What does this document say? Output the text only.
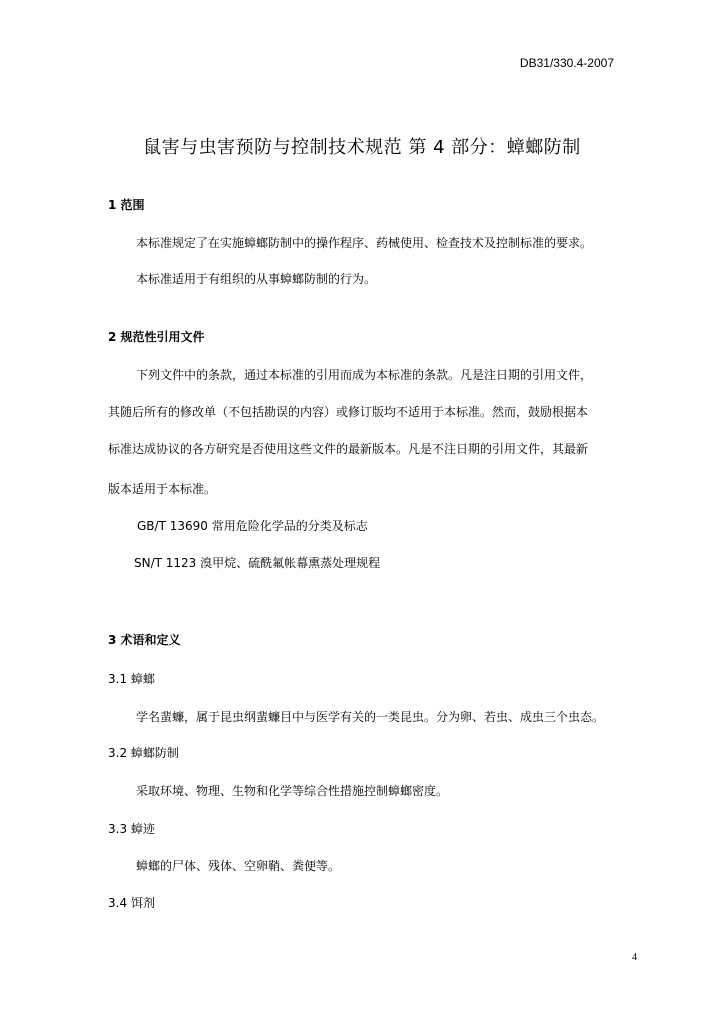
DB31/330.4-2007
鼠害与虫害预防与控制技术规范 第 4 部分：蟑螂防制
1 范围
本标准规定了在实施蟑螂防制中的操作程序、药械使用、检查技术及控制标准的要求。
本标准适用于有组织的从事蟑螂防制的行为。
2 规范性引用文件
下列文件中的条款，通过本标准的引用而成为本标准的条款。凡是注日期的引用文件，
其随后所有的修改单（不包括勘误的内容）或修订版均不适用于本标准。然而，鼓励根据本
标准达成协议的各方研究是否使用这些文件的最新版本。凡是不注日期的引用文件，其最新
版本适用于本标准。
GB/T 13690 常用危险化学品的分类及标志
SN/T 1123 溴甲烷、硫酰氟帐幕熏蒸处理规程
3 术语和定义
3.1 蟑螂
学名蜚蠊，属于昆虫纲蜚蠊目中与医学有关的一类昆虫。分为卵、若虫、成虫三个虫态。
3.2 蟑螂防制
采取环境、物理、生物和化学等综合性措施控制蟑螂密度。
3.3 蟑迹
蟑螂的尸体、残体、空卵鞘、粪便等。
3.4 饵剂
4
